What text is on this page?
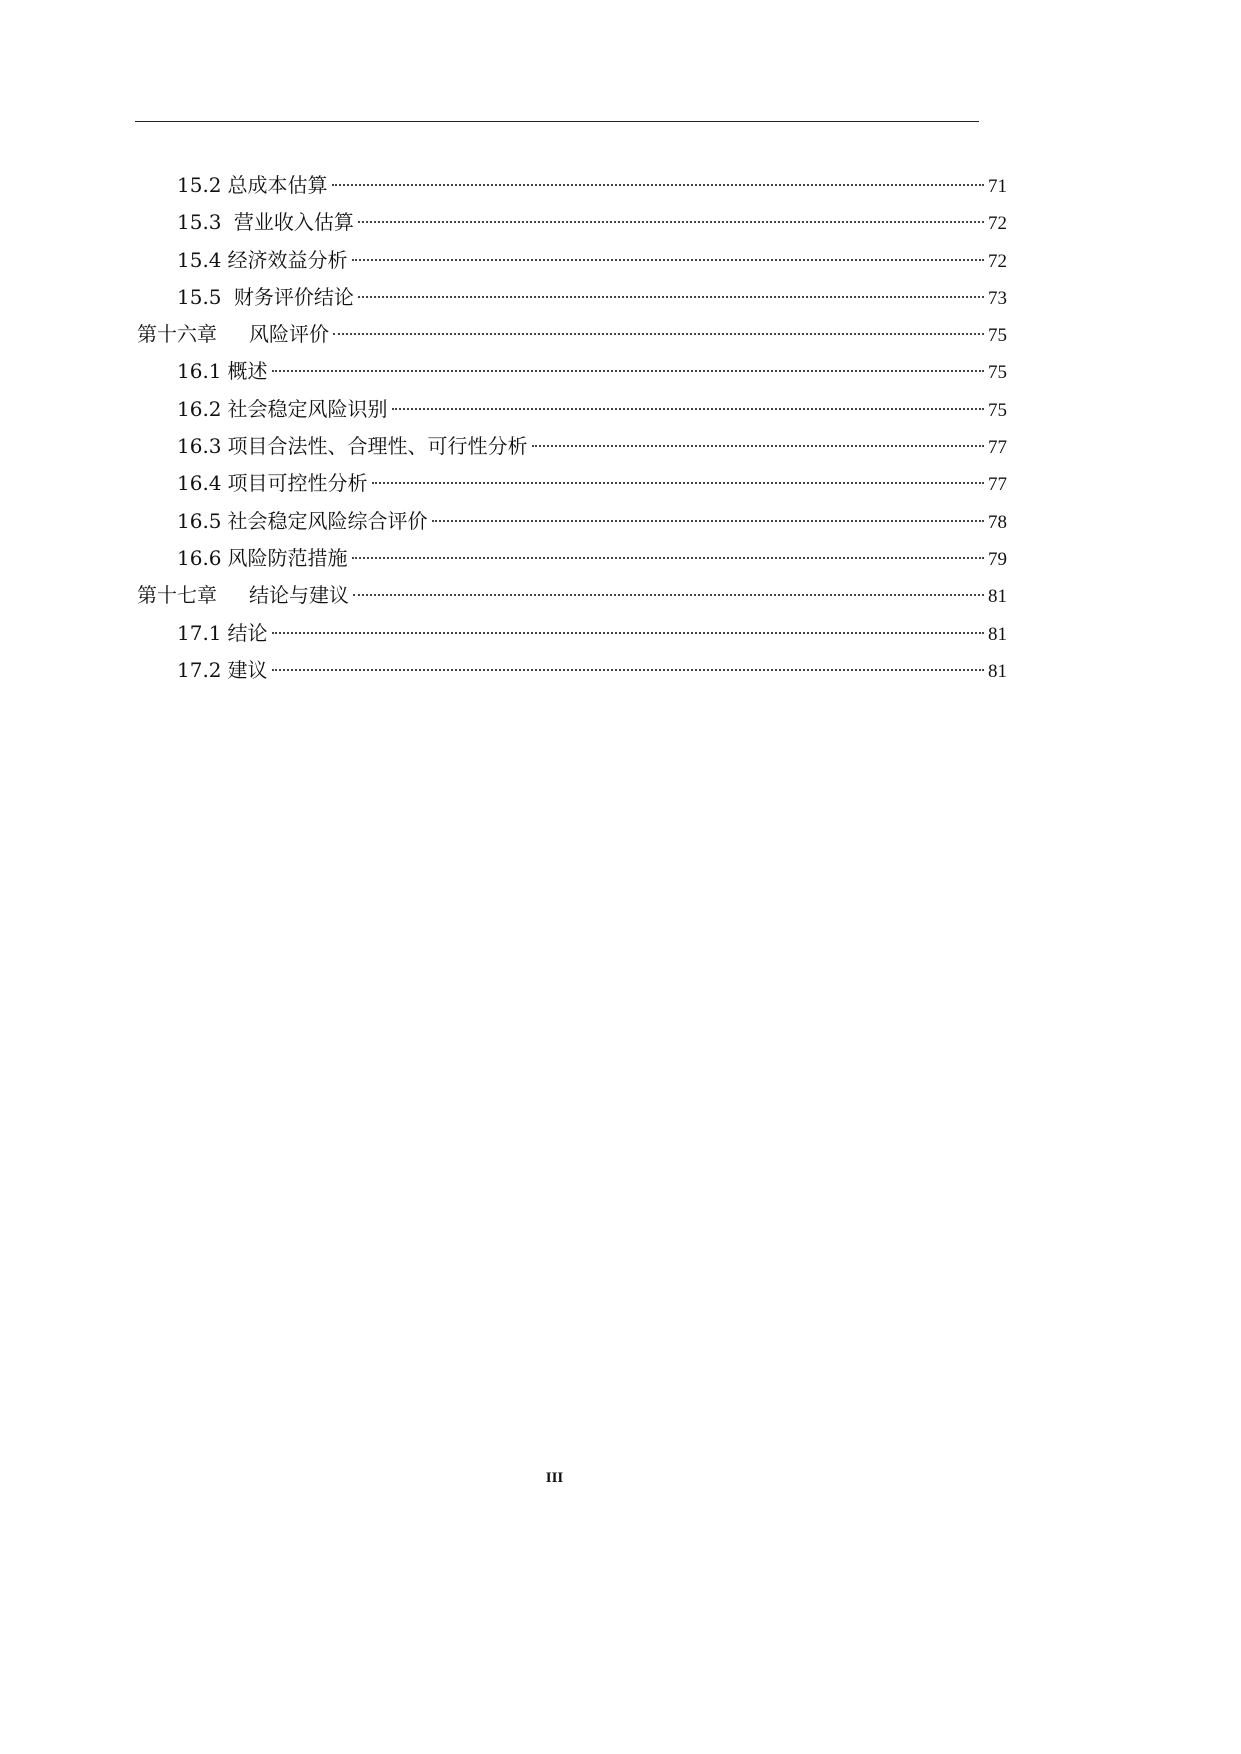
15.2 总成本估算	71
15.3 营业收入估算	72
15.4 经济效益分析	72
15.5 财务评价结论	73
第十六章 风险评价	75
16.1 概述	75
16.2 社会稳定风险识别	75
16.3 项目合法性、合理性、可行性分析	77
16.4 项目可控性分析	77
16.5 社会稳定风险综合评价	78
16.6 风险防范措施	79
第十七章 结论与建议	81
17.1 结论	81
17.2 建议	81
III
